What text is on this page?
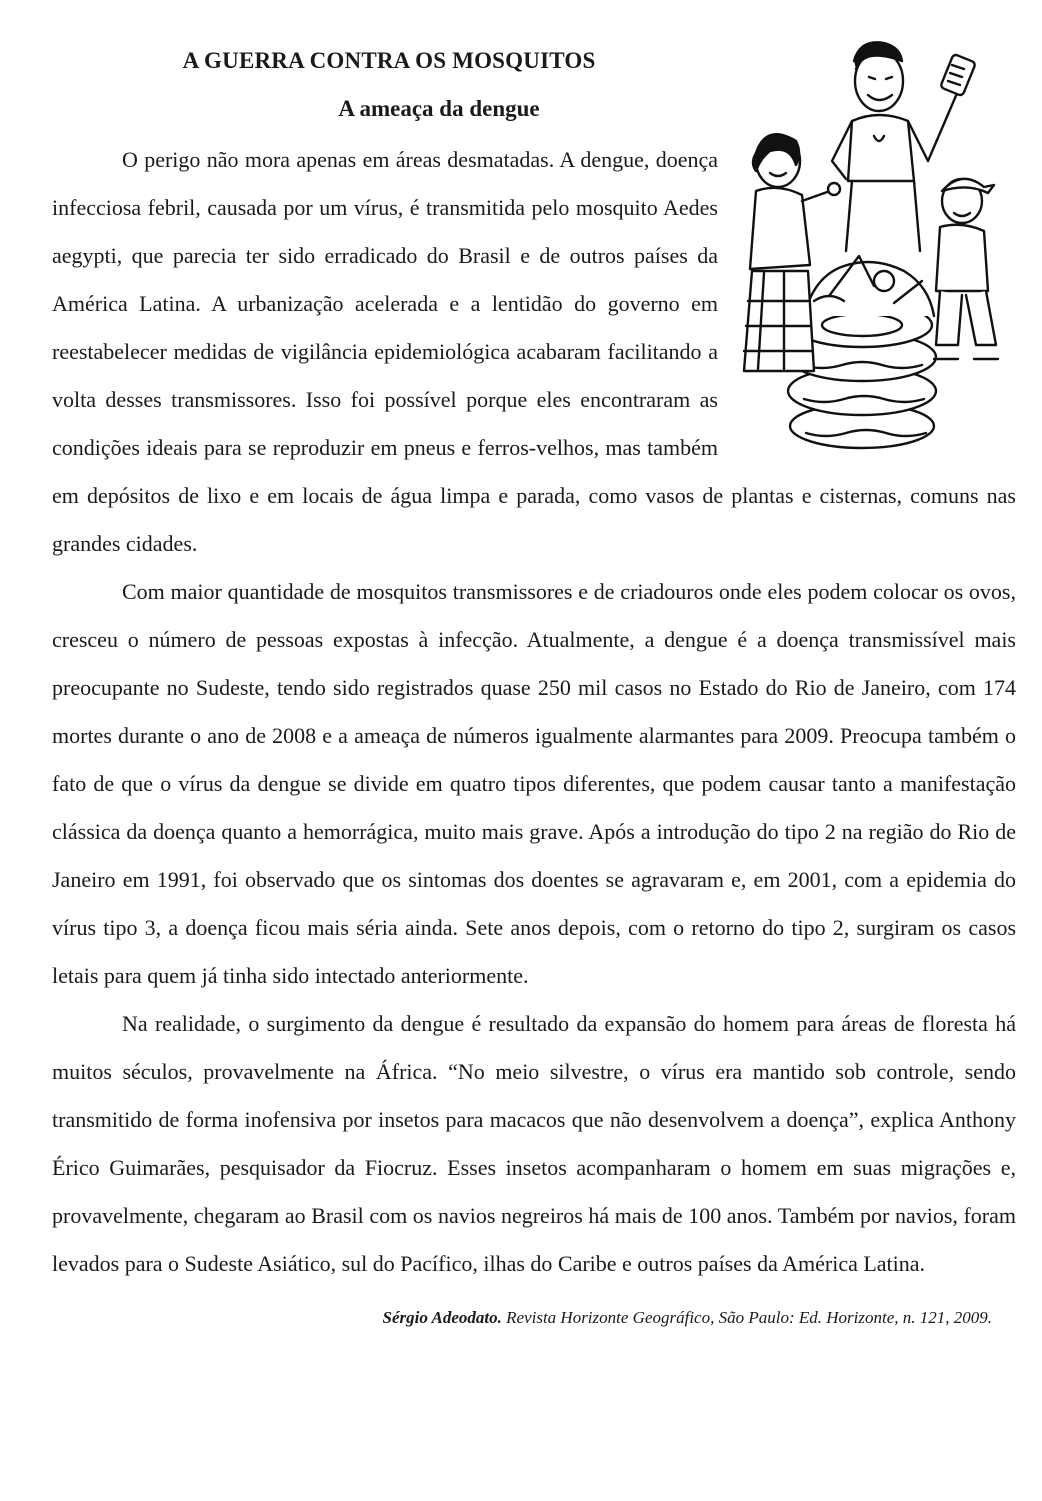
A GUERRA CONTRA OS MOSQUITOS
A ameaça da dengue

O perigo não mora apenas em áreas desmatadas. A dengue, doença infecciosa febril, causada por um vírus, é transmitida pelo mosquito Aedes aegypti, que parecia ter sido erradicado do Brasil e de outros países da América Latina. A urbanização acelerada e a lentidão do governo em reestabelecer medidas de vigilância epidemiológica acabaram facilitando a volta desses transmissores. Isso foi possível porque eles encontraram as condições ideais para se reproduzir em pneus e ferros-velhos, mas também em depósitos de lixo e em locais de água limpa e parada, como vasos de plantas e cisternas, comuns nas grandes cidades.

Com maior quantidade de mosquitos transmissores e de criadouros onde eles podem colocar os ovos, cresceu o número de pessoas expostas à infecção. Atualmente, a dengue é a doença transmissível mais preocupante no Sudeste, tendo sido registrados quase 250 mil casos no Estado do Rio de Janeiro, com 174 mortes durante o ano de 2008 e a ameaça de números igualmente alarmantes para 2009. Preocupa também o fato de que o vírus da dengue se divide em quatro tipos diferentes, que podem causar tanto a manifestação clássica da doença quanto a hemorrágica, muito mais grave. Após a introdução do tipo 2 na região do Rio de Janeiro em 1991, foi observado que os sintomas dos doentes se agravaram e, em 2001, com a epidemia do vírus tipo 3, a doença ficou mais séria ainda. Sete anos depois, com o retorno do tipo 2, surgiram os casos letais para quem já tinha sido intectado anteriormente.

Na realidade, o surgimento da dengue é resultado da expansão do homem para áreas de floresta há muitos séculos, provavelmente na África. “No meio silvestre, o vírus era mantido sob controle, sendo transmitido de forma inofensiva por insetos para macacos que não desenvolvem a doença”, explica Anthony Érico Guimarães, pesquisador da Fiocruz. Esses insetos acompanharam o homem em suas migrações e, provavelmente, chegaram ao Brasil com os navios negreiros há mais de 100 anos. Também por navios, foram levados para o Sudeste Asiático, sul do Pacífico, ilhas do Caribe e outros países da América Latina.

Sérgio Adeodato. Revista Horizonte Geográfico, São Paulo: Ed. Horizonte, n. 121, 2009.
